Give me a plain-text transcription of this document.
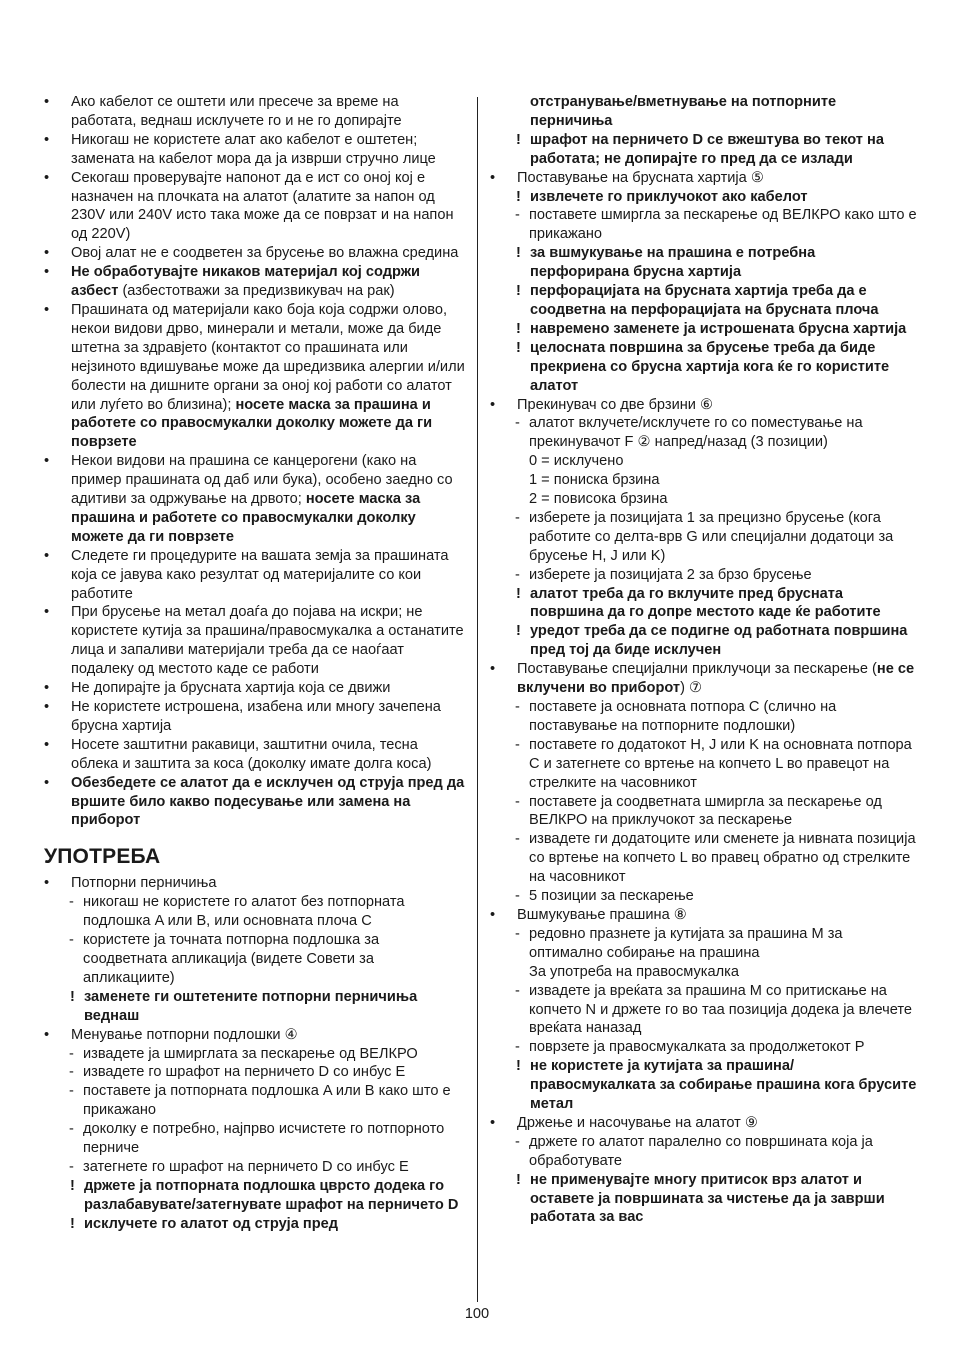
• Ако кабелот се оштети или пресече за време на работата, веднаш исклучете го и не го допирајте
• Никогаш не користете алат ако кабелот е оштетен; замената на кабелот мора да ја изврши стручно лице
• Секогаш проверувајте напонот да е ист со оној кој е назначен на плочката на алатот (алатите за напон од 230V или 240V исто така може да се поврзат и на напон од 220V)
• Овој алат не е соодветен за брусење во влажна средина
• Не обработувајте никаков материјал кој содржи азбест (азбестотважи за предизвикувач на рак)
• Прашината од материјали како боја која содржи олово, некои видови дрво, минерали и метали, може да биде штетна за здравјето (контактот со прашината или нејзиното вдишување може да шредизвика алергии и/или болести на дишните органи за оној кој работи со алатот или луѓето во близина); носете маска за прашина и работете со правосмукалки доколку можете да ги поврзете
• Некои видови на прашина се канцерогени (како на пример прашината од даб или бука), особено заедно со адитиви за одржување на дрвото; носете маска за прашина и работете со правосмукалки доколку можете да ги поврзете
• Следете ги процедурите на вашата земја за прашината која се јавува како резултат од материјалите со кои работите
• При брусење на метал доаѓа до појава на искри; не користете кутија за прашина/правосмукалка а останатите лица и запаливи материјали треба да се наоѓаат подалеку од местото каде се работи
• Не допирајте ја брусната хартија која се движи
• Не користете истрошена, изабена или многу зачепена брусна хартија
• Носете заштитни ракавици, заштитни очила, тесна облека и заштита за коса (доколку имате долга коса)
• Обезбедете се алатот да е исклучен од струја пред да вршите било какво подесување или замена на приборот
УПОТРЕБА
• Потпорни перничиња
- никогаш не користете го алатот без потпорната подлошка A или B, или основната плоча C
- користете ја точната потпорна подлошка за соодветната апликација (видете Совети за апликациите)
! заменете ги оштетените потпорни перничиња веднаш
• Менување потпорни подлошки ④
- извадете ја шмирглата за пескарење од ВЕЛКРО
- извадете го шрафот на перничето D со инбус E
- поставете ја потпорната подлошка A или B како што е прикажано
- доколку е потребно, најпрво исчистете го потпорното перниче
- затегнете го шрафот на перничето D со инбус E
! држете ја потпорната подлошка цврсто додека го разлабавувате/затегнувате шрафот на перничето D
! исклучете го алатот од струја пред
отстранување/вметнување на потпорните перничиња
! шрафот на перничето D се вжештува во текот на работата; не допирајте го пред да се излади
• Поставување на брусната хартија ⑤
! извлечете го приклучокот ако кабелот
- поставете шмиргла за пескарење од ВЕЛКРО како што е прикажано
! за вшмукување на прашина е потребна перфорирана брусна хартија
! перфорацијата на брусната хартија треба да е соодветна на перфорацијата на брусната плоча
! навремено заменете ја истрошената брусна хартија
! целосната површина за брусење треба да биде прекриена со брусна хартија кога ќе го користите алатот
• Прекинувач со две брзини ⑥
- алатот вклучете/исклучете го со поместување на прекинувачот F ② напред/назад (3 позиции)
0 = исклучено
1 = пониска брзина
2 = повисока брзина
- изберете ја позицијата 1 за прецизно брусење (кога работите со делта-врв G или специјални додатоци за брусење H, J или K)
- изберете ја позицијата 2 за брзо брусење
! алатот треба да го вклучите пред брусната површина да го допре местото каде ќе работите
! уредот треба да се подигне од работната површина пред тој да биде исклучен
• Поставување специјални приклучоци за пескарење (не се вклучени во приборот) ⑦
- поставете ја основната потпора C (слично на поставување на потпорните подлошки)
- поставете го додатокот H, J или K на основната потпора C и затегнете со вртење на копчето L во правецот на стрелките на часовникот
- поставете ја соодветната шмиргла за пескарење од ВЕЛКРО на приклучокот за пескарење
- извадете ги додатоците или сменете ја нивната позиција со вртење на копчето L во правец обратно од стрелките на часовникот
- 5 позиции за пескарење
• Вшмукување прашина ⑧
- редовно празнете ја кутијата за прашина M за оптимално собирање на прашина
За употреба на правосмукалка
- извадете ја вреќата за прашина M со притискање на копчето N и држете го во таа позиција додека ја влечете вреќата наназад
- поврзете ја правосмукалката за продолжетокот P
! не користете ја кутијата за прашина/ правосмукалката за собирање прашина кога брусите метал
• Држење и насочување на алатот ⑨
- држете го алатот паралелно со површината која ја обработувате
! не применувајте многу притисок врз алатот и оставете ја површината за чистење да ја заврши работата за вас
100
